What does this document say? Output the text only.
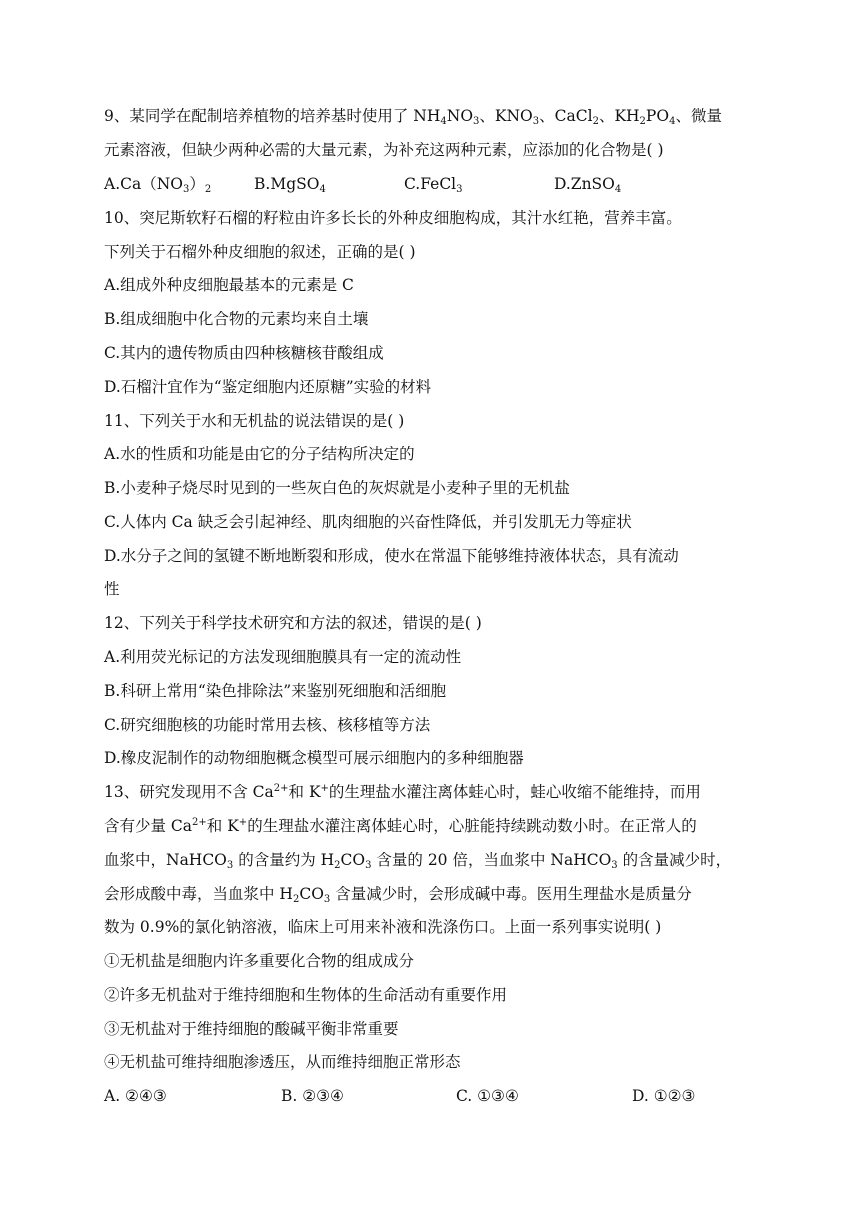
9、某同学在配制培养植物的培养基时使用了 $NH_4NO_3$、$KNO_3$、CaCl$_2$、$KH_2PO_4$、微量
元素溶液，但缺少两种必需的大量元素，为补充这两种元素，应添加的化合物是( )
$A.Ca(NO_3)_2$	B.MgSO$_4$	C.FeCl$_3$	D.ZnSO$_4$
10、突尼斯软籽石榴的籽粒由许多长长的外种皮细胞构成，其汁水红艳，营养丰富。
下列关于石榴外种皮细胞的叙述，正确的是( )
A.组成外种皮细胞最基本的元素是 C
B.组成细胞中化合物的元素均来自土壤
C.其内的遗传物质由四种核糖核苷酸组成
D.石榴汁宜作为“鉴定细胞内还原糖”实验的材料
11、下列关于水和无机盐的说法错误的是( )
A.水的性质和功能是由它的分子结构所决定的
B.小麦种子烧尽时见到的一些灰白色的灰烬就是小麦种子里的无机盐
C.人体内 Ca 缺乏会引起神经、肌肉细胞的兴奋性降低，并引发肌无力等症状
D.水分子之间的氢键不断地断裂和形成，使水在常温下能够维持液体状态，具有流动
性
12、下列关于科学技术研究和方法的叙述，错误的是( )
A.利用荧光标记的方法发现细胞膜具有一定的流动性
B.科研上常用“染色排除法”来鉴别死细胞和活细胞
C.研究细胞核的功能时常用去核、核移植等方法
D.橡皮泥制作的动物细胞概念模型可展示细胞内的多种细胞器
13、研究发现用不含 $Ca^{2+}$和 K+的生理盐水灌注离体蛙心时，蛙心收缩不能维持，而用
含有少量 $Ca^{2+}$和 K+的生理盐水灌注离体蛙心时，心脏能持续跳动数小时。在正常人的
血浆中，NaHCO$_3$ 的含量约为 $H_2CO_3$ 含量的 20 倍，当血浆中 NaHCO$_3$ 的含量减少时，
会形成酸中毒，当血浆中 $H_2CO_3$ 含量减少时，会形成碱中毒。医用生理盐水是质量分
数为 0.9%的氯化钠溶液，临床上可用来补液和洗涤伤口。上面一系列事实说明( )
①无机盐是细胞内许多重要化合物的组成成分
②许多无机盐对于维持细胞和生物体的生命活动有重要作用
③无机盐对于维持细胞的酸碱平衡非常重要
④无机盐可维持细胞渗透压，从而维持细胞正常形态
A. ②④③	B. ②③④	C. ①③④	D. ①②③
